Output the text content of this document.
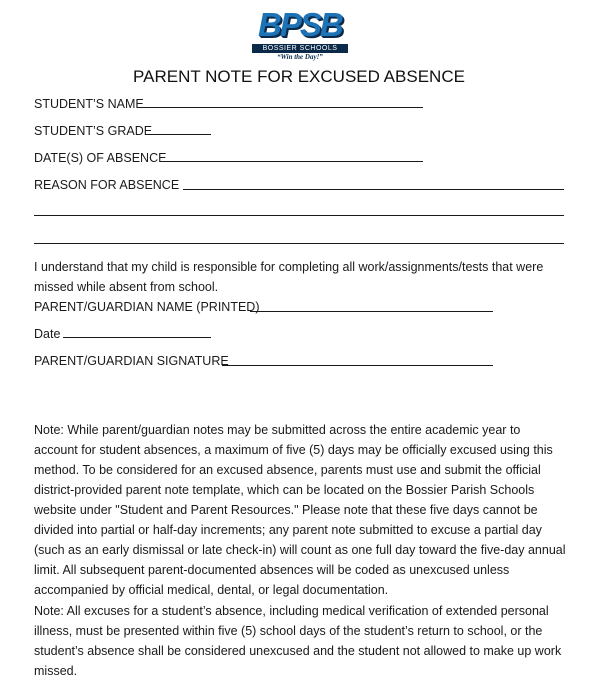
BPSB
BOSSIER SCHOOLS
“Win the Day!”
PARENT NOTE FOR EXCUSED ABSENCE
STUDENT’S NAME
STUDENT’S GRADE
DATE(S) OF ABSENCE
REASON FOR ABSENCE
I understand that my child is responsible for completing all work/assignments/tests that were missed while absent from school.
PARENT/GUARDIAN NAME (PRINTED)
Date
PARENT/GUARDIAN SIGNATURE
Note: While parent/guardian notes may be submitted across the entire academic year to account for student absences, a maximum of five (5) days may be officially excused using this method. To be considered for an excused absence, parents must use and submit the official district-provided parent note template, which can be located on the Bossier Parish Schools website under "Student and Parent Resources." Please note that these five days cannot be divided into partial or half-day increments; any parent note submitted to excuse a partial day (such as an early dismissal or late check-in) will count as one full day toward the five-day annual limit. All subsequent parent-documented absences will be coded as unexcused unless accompanied by official medical, dental, or legal documentation.
Note: All excuses for a student’s absence, including medical verification of extended personal illness, must be presented within five (5) school days of the student’s return to school, or the student’s absence shall be considered unexcused and the student not allowed to make up work missed.
